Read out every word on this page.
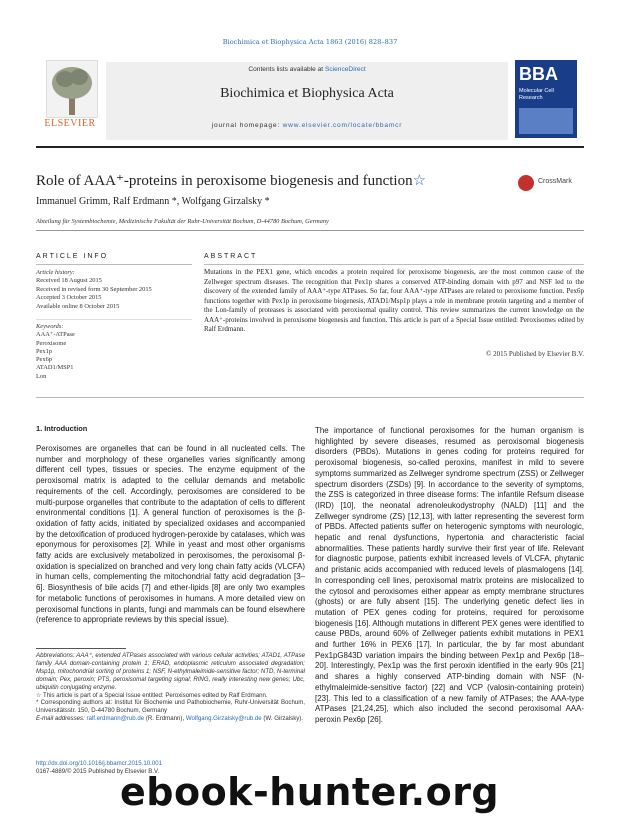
Biochimica et Biophysica Acta 1863 (2016) 828–837
ELSEVIER
Contents lists available at ScienceDirect
Biochimica et Biophysica Acta
journal homepage: www.elsevier.com/locate/bbamcr
BBA
Molecular Cell Research
Role of AAA⁺-proteins in peroxisome biogenesis and function☆	CrossMark
Immanuel Grimm, Ralf Erdmann *, Wolfgang Girzalsky *
Abteilung für Systembiochemie, Medizinische Fakultät der Ruhr-Universität Bochum, D-44780 Bochum, Germany
ARTICLE INFO	ABSTRACT
Article history:
Received 18 August 2015
Received in revised form 30 September 2015
Accepted 3 October 2015
Available online 8 October 2015
Keywords:
AAA⁺-ATPase
Peroxisome
Pex1p
Pex6p
ATAD1/MSP1
Lon
Mutations in the PEX1 gene, which encodes a protein required for peroxisome biogenesis, are the most common cause of the Zellweger spectrum diseases. The recognition that Pex1p shares a conserved ATP-binding domain with p97 and NSF led to the discovery of the extended family of AAA⁺-type ATPases. So far, four AAA⁺-type ATPases are related to peroxisome function. Pex6p functions together with Pex1p in peroxisome biogenesis, ATAD1/Msp1p plays a role in membrane protein targeting and a member of the Lon-family of proteases is associated with peroxisomal quality control. This review summarizes the current knowledge on the AAA⁺-proteins involved in peroxisome biogenesis and function. This article is part of a Special Issue entitled: Peroxisomes edited by Ralf Erdmann.
© 2015 Published by Elsevier B.V.
1. Introduction
Peroxisomes are organelles that can be found in all nucleated cells. The number and morphology of these organelles varies significantly among different cell types, tissues or species. The enzyme equipment of the peroxisomal matrix is adapted to the cellular demands and metabolic requirements of the cell. Accordingly, peroxisomes are considered to be multi-purpose organelles that contribute to the adaptation of cells to different environmental conditions [1]. A general function of peroxisomes is the β-oxidation of fatty acids, initiated by specialized oxidases and accompanied by the detoxification of produced hydrogen-peroxide by catalases, which was eponymous for peroxisomes [2]. While in yeast and most other organisms fatty acids are exclusively metabolized in peroxisomes, the peroxisomal β-oxidation is specialized on branched and very long chain fatty acids (VLCFA) in human cells, complementing the mitochondrial fatty acid degradation [3–6]. Biosynthesis of bile acids [7] and ether-lipids [8] are only two examples for metabolic functions of peroxisomes in humans. A more detailed view on peroxisomal functions in plants, fungi and mammals can be found elsewhere (reference to appropriate reviews by this special issue).
The importance of functional peroxisomes for the human organism is highlighted by severe diseases, resumed as peroxisomal biogenesis disorders (PBDs). Mutations in genes coding for proteins required for peroxisomal biogenesis, so-called peroxins, manifest in mild to severe symptoms summarized as Zellweger syndrome spectrum (ZSS) or Zellweger spectrum disorders (ZSDs) [9]. In accordance to the severity of symptoms, the ZSS is categorized in three disease forms: The infantile Refsum disease (IRD) [10], the neonatal adrenoleukodystrophy (NALD) [11] and the Zellweger syndrome (ZS) [12,13], with latter representing the severest form of PBDs. Affected patients suffer on heterogenic symptoms with neurologic, hepatic and renal dysfunctions, hypertonia and characteristic facial abnormalities. These patients hardly survive their first year of life. Relevant for diagnostic purpose, patients exhibit increased levels of VLCFA, phytanic and pristanic acids accompanied with reduced levels of plasmalogens [14]. In corresponding cell lines, peroxisomal matrix proteins are mislocalized to the cytosol and peroxisomes either appear as empty membrane structures (ghosts) or are fully absent [15]. The underlying genetic defect lies in mutation of PEX genes coding for proteins, required for peroxisome biogenesis [16]. Although mutations in different PEX genes were identified to cause PBDs, around 60% of Zellweger patients exhibit mutations in PEX1 and further 16% in PEX6 [17]. In particular, the by far most abundant Pex1pG843D variation impairs the binding between Pex1p and Pex6p [18–20]. Interestingly, Pex1p was the first peroxin identified in the early 90s [21] and shares a highly conserved ATP-binding domain with NSF (N-ethylmaleimide-sensitive factor) [22] and VCP (valosin-containing protein) [23]. This led to a classification of a new family of ATPases; the AAA-type ATPases [21,24,25], which also included the second peroxisomal AAA-peroxin Pex6p [26].
Abbreviations: AAA⁺, extended ATPases associated with various cellular activities; ATAD1, ATPase family AAA domain-containing protein 1; ERAD, endoplasmic reticulum associated degradation; Msp1p, mitochondrial sorting of proteins 1; NSF, N-ethylmaleimide-sensitive factor; NTD, N-terminal domain; Pex, peroxin; PTS, peroxisomal targeting signal; RING, really interesting new genes; Ubc, ubiquitin conjugating enzyme.
☆ This article is part of a Special Issue entitled: Peroxisomes edited by Ralf Erdmann.
* Corresponding authors at: Institut für Biochemie und Pathobiochemie, Ruhr-Universität Bochum, Universitätsstr. 150, D-44780 Bochum, Germany
E-mail addresses: ralf.erdmann@rub.de (R. Erdmann), Wolfgang.Girzalsky@rub.de (W. Girzalsky).
http://dx.doi.org/10.1016/j.bbamcr.2015.10.001
0167-4889/© 2015 Published by Elsevier B.V.
ebook-hunter.org
